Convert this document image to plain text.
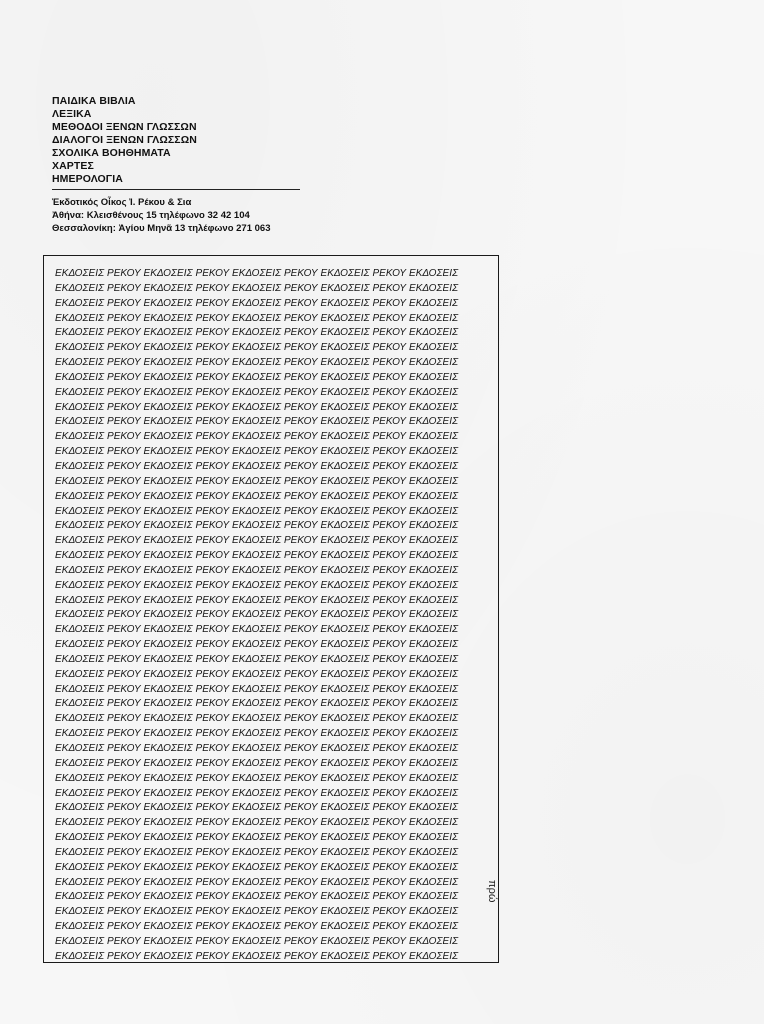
ΠΑΙΔΙΚΑ ΒΙΒΛΙΑ
ΛΕΞΙΚΑ
ΜΕΘΟΔΟΙ ΞΕΝΩΝ ΓΛΩΣΣΩΝ
ΔΙΑΛΟΓΟΙ ΞΕΝΩΝ ΓΛΩΣΣΩΝ
ΣΧΟΛΙΚΑ ΒΟΗΘΗΜΑΤΑ
ΧΑΡΤΕΣ
ΗΜΕΡΟΛΟΓΙΑ
Ἐκδοτικός Οἶκος Ἰ. Ρέκου & Σια
Ἀθήνα: Κλεισθένους 15 τηλέφωνο 32 42 104
Θεσσαλονίκη: Ἁγίου Μηνᾶ 13 τηλέφωνο 271 063
ΕΚΔΟΣΕΙΣ ΡΕΚΟΥ ΕΚΔΟΣΕΙΣ ΡΕΚΟΥ ΕΚΔΟΣΕΙΣ ΡΕΚΟΥ ΕΚΔΟΣΕΙΣ ΡΕΚΟΥ ΕΚΔΟΣΕΙΣ
ΕΚΔΟΣΕΙΣ ΡΕΚΟΥ ΕΚΔΟΣΕΙΣ ΡΕΚΟΥ ΕΚΔΟΣΕΙΣ ΡΕΚΟΥ ΕΚΔΟΣΕΙΣ ΡΕΚΟΥ ΕΚΔΟΣΕΙΣ
ΕΚΔΟΣΕΙΣ ΡΕΚΟΥ ΕΚΔΟΣΕΙΣ ΡΕΚΟΥ ΕΚΔΟΣΕΙΣ ΡΕΚΟΥ ΕΚΔΟΣΕΙΣ ΡΕΚΟΥ ΕΚΔΟΣΕΙΣ
ΕΚΔΟΣΕΙΣ ΡΕΚΟΥ ΕΚΔΟΣΕΙΣ ΡΕΚΟΥ ΕΚΔΟΣΕΙΣ ΡΕΚΟΥ ΕΚΔΟΣΕΙΣ ΡΕΚΟΥ ΕΚΔΟΣΕΙΣ
ΕΚΔΟΣΕΙΣ ΡΕΚΟΥ ΕΚΔΟΣΕΙΣ ΡΕΚΟΥ ΕΚΔΟΣΕΙΣ ΡΕΚΟΥ ΕΚΔΟΣΕΙΣ ΡΕΚΟΥ ΕΚΔΟΣΕΙΣ
ΕΚΔΟΣΕΙΣ ΡΕΚΟΥ ΕΚΔΟΣΕΙΣ ΡΕΚΟΥ ΕΚΔΟΣΕΙΣ ΡΕΚΟΥ ΕΚΔΟΣΕΙΣ ΡΕΚΟΥ ΕΚΔΟΣΕΙΣ
ΕΚΔΟΣΕΙΣ ΡΕΚΟΥ ΕΚΔΟΣΕΙΣ ΡΕΚΟΥ ΕΚΔΟΣΕΙΣ ΡΕΚΟΥ ΕΚΔΟΣΕΙΣ ΡΕΚΟΥ ΕΚΔΟΣΕΙΣ
ΕΚΔΟΣΕΙΣ ΡΕΚΟΥ ΕΚΔΟΣΕΙΣ ΡΕΚΟΥ ΕΚΔΟΣΕΙΣ ΡΕΚΟΥ ΕΚΔΟΣΕΙΣ ΡΕΚΟΥ ΕΚΔΟΣΕΙΣ
ΕΚΔΟΣΕΙΣ ΡΕΚΟΥ ΕΚΔΟΣΕΙΣ ΡΕΚΟΥ ΕΚΔΟΣΕΙΣ ΡΕΚΟΥ ΕΚΔΟΣΕΙΣ ΡΕΚΟΥ ΕΚΔΟΣΕΙΣ
ΕΚΔΟΣΕΙΣ ΡΕΚΟΥ ΕΚΔΟΣΕΙΣ ΡΕΚΟΥ ΕΚΔΟΣΕΙΣ ΡΕΚΟΥ ΕΚΔΟΣΕΙΣ ΡΕΚΟΥ ΕΚΔΟΣΕΙΣ
ΕΚΔΟΣΕΙΣ ΡΕΚΟΥ ΕΚΔΟΣΕΙΣ ΡΕΚΟΥ ΕΚΔΟΣΕΙΣ ΡΕΚΟΥ ΕΚΔΟΣΕΙΣ ΡΕΚΟΥ ΕΚΔΟΣΕΙΣ
ΕΚΔΟΣΕΙΣ ΡΕΚΟΥ ΕΚΔΟΣΕΙΣ ΡΕΚΟΥ ΕΚΔΟΣΕΙΣ ΡΕΚΟΥ ΕΚΔΟΣΕΙΣ ΡΕΚΟΥ ΕΚΔΟΣΕΙΣ
ΕΚΔΟΣΕΙΣ ΡΕΚΟΥ ΕΚΔΟΣΕΙΣ ΡΕΚΟΥ ΕΚΔΟΣΕΙΣ ΡΕΚΟΥ ΕΚΔΟΣΕΙΣ ΡΕΚΟΥ ΕΚΔΟΣΕΙΣ
ΕΚΔΟΣΕΙΣ ΡΕΚΟΥ ΕΚΔΟΣΕΙΣ ΡΕΚΟΥ ΕΚΔΟΣΕΙΣ ΡΕΚΟΥ ΕΚΔΟΣΕΙΣ ΡΕΚΟΥ ΕΚΔΟΣΕΙΣ
ΕΚΔΟΣΕΙΣ ΡΕΚΟΥ ΕΚΔΟΣΕΙΣ ΡΕΚΟΥ ΕΚΔΟΣΕΙΣ ΡΕΚΟΥ ΕΚΔΟΣΕΙΣ ΡΕΚΟΥ ΕΚΔΟΣΕΙΣ
ΕΚΔΟΣΕΙΣ ΡΕΚΟΥ ΕΚΔΟΣΕΙΣ ΡΕΚΟΥ ΕΚΔΟΣΕΙΣ ΡΕΚΟΥ ΕΚΔΟΣΕΙΣ ΡΕΚΟΥ ΕΚΔΟΣΕΙΣ
ΕΚΔΟΣΕΙΣ ΡΕΚΟΥ ΕΚΔΟΣΕΙΣ ΡΕΚΟΥ ΕΚΔΟΣΕΙΣ ΡΕΚΟΥ ΕΚΔΟΣΕΙΣ ΡΕΚΟΥ ΕΚΔΟΣΕΙΣ
ΕΚΔΟΣΕΙΣ ΡΕΚΟΥ ΕΚΔΟΣΕΙΣ ΡΕΚΟΥ ΕΚΔΟΣΕΙΣ ΡΕΚΟΥ ΕΚΔΟΣΕΙΣ ΡΕΚΟΥ ΕΚΔΟΣΕΙΣ
ΕΚΔΟΣΕΙΣ ΡΕΚΟΥ ΕΚΔΟΣΕΙΣ ΡΕΚΟΥ ΕΚΔΟΣΕΙΣ ΡΕΚΟΥ ΕΚΔΟΣΕΙΣ ΡΕΚΟΥ ΕΚΔΟΣΕΙΣ
ΕΚΔΟΣΕΙΣ ΡΕΚΟΥ ΕΚΔΟΣΕΙΣ ΡΕΚΟΥ ΕΚΔΟΣΕΙΣ ΡΕΚΟΥ ΕΚΔΟΣΕΙΣ ΡΕΚΟΥ ΕΚΔΟΣΕΙΣ
ΕΚΔΟΣΕΙΣ ΡΕΚΟΥ ΕΚΔΟΣΕΙΣ ΡΕΚΟΥ ΕΚΔΟΣΕΙΣ ΡΕΚΟΥ ΕΚΔΟΣΕΙΣ ΡΕΚΟΥ ΕΚΔΟΣΕΙΣ
ΕΚΔΟΣΕΙΣ ΡΕΚΟΥ ΕΚΔΟΣΕΙΣ ΡΕΚΟΥ ΕΚΔΟΣΕΙΣ ΡΕΚΟΥ ΕΚΔΟΣΕΙΣ ΡΕΚΟΥ ΕΚΔΟΣΕΙΣ
ΕΚΔΟΣΕΙΣ ΡΕΚΟΥ ΕΚΔΟΣΕΙΣ ΡΕΚΟΥ ΕΚΔΟΣΕΙΣ ΡΕΚΟΥ ΕΚΔΟΣΕΙΣ ΡΕΚΟΥ ΕΚΔΟΣΕΙΣ
ΕΚΔΟΣΕΙΣ ΡΕΚΟΥ ΕΚΔΟΣΕΙΣ ΡΕΚΟΥ ΕΚΔΟΣΕΙΣ ΡΕΚΟΥ ΕΚΔΟΣΕΙΣ ΡΕΚΟΥ ΕΚΔΟΣΕΙΣ
ΕΚΔΟΣΕΙΣ ΡΕΚΟΥ ΕΚΔΟΣΕΙΣ ΡΕΚΟΥ ΕΚΔΟΣΕΙΣ ΡΕΚΟΥ ΕΚΔΟΣΕΙΣ ΡΕΚΟΥ ΕΚΔΟΣΕΙΣ
ΕΚΔΟΣΕΙΣ ΡΕΚΟΥ ΕΚΔΟΣΕΙΣ ΡΕΚΟΥ ΕΚΔΟΣΕΙΣ ΡΕΚΟΥ ΕΚΔΟΣΕΙΣ ΡΕΚΟΥ ΕΚΔΟΣΕΙΣ
ΕΚΔΟΣΕΙΣ ΡΕΚΟΥ ΕΚΔΟΣΕΙΣ ΡΕΚΟΥ ΕΚΔΟΣΕΙΣ ΡΕΚΟΥ ΕΚΔΟΣΕΙΣ ΡΕΚΟΥ ΕΚΔΟΣΕΙΣ
ΕΚΔΟΣΕΙΣ ΡΕΚΟΥ ΕΚΔΟΣΕΙΣ ΡΕΚΟΥ ΕΚΔΟΣΕΙΣ ΡΕΚΟΥ ΕΚΔΟΣΕΙΣ ΡΕΚΟΥ ΕΚΔΟΣΕΙΣ
ΕΚΔΟΣΕΙΣ ΡΕΚΟΥ ΕΚΔΟΣΕΙΣ ΡΕΚΟΥ ΕΚΔΟΣΕΙΣ ΡΕΚΟΥ ΕΚΔΟΣΕΙΣ ΡΕΚΟΥ ΕΚΔΟΣΕΙΣ
ΕΚΔΟΣΕΙΣ ΡΕΚΟΥ ΕΚΔΟΣΕΙΣ ΡΕΚΟΥ ΕΚΔΟΣΕΙΣ ΡΕΚΟΥ ΕΚΔΟΣΕΙΣ ΡΕΚΟΥ ΕΚΔΟΣΕΙΣ
ΕΚΔΟΣΕΙΣ ΡΕΚΟΥ ΕΚΔΟΣΕΙΣ ΡΕΚΟΥ ΕΚΔΟΣΕΙΣ ΡΕΚΟΥ ΕΚΔΟΣΕΙΣ ΡΕΚΟΥ ΕΚΔΟΣΕΙΣ
ΕΚΔΟΣΕΙΣ ΡΕΚΟΥ ΕΚΔΟΣΕΙΣ ΡΕΚΟΥ ΕΚΔΟΣΕΙΣ ΡΕΚΟΥ ΕΚΔΟΣΕΙΣ ΡΕΚΟΥ ΕΚΔΟΣΕΙΣ
ΕΚΔΟΣΕΙΣ ΡΕΚΟΥ ΕΚΔΟΣΕΙΣ ΡΕΚΟΥ ΕΚΔΟΣΕΙΣ ΡΕΚΟΥ ΕΚΔΟΣΕΙΣ ΡΕΚΟΥ ΕΚΔΟΣΕΙΣ
ΕΚΔΟΣΕΙΣ ΡΕΚΟΥ ΕΚΔΟΣΕΙΣ ΡΕΚΟΥ ΕΚΔΟΣΕΙΣ ΡΕΚΟΥ ΕΚΔΟΣΕΙΣ ΡΕΚΟΥ ΕΚΔΟΣΕΙΣ
ΕΚΔΟΣΕΙΣ ΡΕΚΟΥ ΕΚΔΟΣΕΙΣ ΡΕΚΟΥ ΕΚΔΟΣΕΙΣ ΡΕΚΟΥ ΕΚΔΟΣΕΙΣ ΡΕΚΟΥ ΕΚΔΟΣΕΙΣ
ΕΚΔΟΣΕΙΣ ΡΕΚΟΥ ΕΚΔΟΣΕΙΣ ΡΕΚΟΥ ΕΚΔΟΣΕΙΣ ΡΕΚΟΥ ΕΚΔΟΣΕΙΣ ΡΕΚΟΥ ΕΚΔΟΣΕΙΣ
ΕΚΔΟΣΕΙΣ ΡΕΚΟΥ ΕΚΔΟΣΕΙΣ ΡΕΚΟΥ ΕΚΔΟΣΕΙΣ ΡΕΚΟΥ ΕΚΔΟΣΕΙΣ ΡΕΚΟΥ ΕΚΔΟΣΕΙΣ
ΕΚΔΟΣΕΙΣ ΡΕΚΟΥ ΕΚΔΟΣΕΙΣ ΡΕΚΟΥ ΕΚΔΟΣΕΙΣ ΡΕΚΟΥ ΕΚΔΟΣΕΙΣ ΡΕΚΟΥ ΕΚΔΟΣΕΙΣ
ΕΚΔΟΣΕΙΣ ΡΕΚΟΥ ΕΚΔΟΣΕΙΣ ΡΕΚΟΥ ΕΚΔΟΣΕΙΣ ΡΕΚΟΥ ΕΚΔΟΣΕΙΣ ΡΕΚΟΥ ΕΚΔΟΣΕΙΣ
ΕΚΔΟΣΕΙΣ ΡΕΚΟΥ ΕΚΔΟΣΕΙΣ ΡΕΚΟΥ ΕΚΔΟΣΕΙΣ ΡΕΚΟΥ ΕΚΔΟΣΕΙΣ ΡΕΚΟΥ ΕΚΔΟΣΕΙΣ
ΕΚΔΟΣΕΙΣ ΡΕΚΟΥ ΕΚΔΟΣΕΙΣ ΡΕΚΟΥ ΕΚΔΟΣΕΙΣ ΡΕΚΟΥ ΕΚΔΟΣΕΙΣ ΡΕΚΟΥ ΕΚΔΟΣΕΙΣ
ΕΚΔΟΣΕΙΣ ΡΕΚΟΥ ΕΚΔΟΣΕΙΣ ΡΕΚΟΥ ΕΚΔΟΣΕΙΣ ΡΕΚΟΥ ΕΚΔΟΣΕΙΣ ΡΕΚΟΥ ΕΚΔΟΣΕΙΣ
ΕΚΔΟΣΕΙΣ ΡΕΚΟΥ ΕΚΔΟΣΕΙΣ ΡΕΚΟΥ ΕΚΔΟΣΕΙΣ ΡΕΚΟΥ ΕΚΔΟΣΕΙΣ ΡΕΚΟΥ ΕΚΔΟΣΕΙΣ
ΕΚΔΟΣΕΙΣ ΡΕΚΟΥ ΕΚΔΟΣΕΙΣ ΡΕΚΟΥ ΕΚΔΟΣΕΙΣ ΡΕΚΟΥ ΕΚΔΟΣΕΙΣ ΡΕΚΟΥ ΕΚΔΟΣΕΙΣ
ΕΚΔΟΣΕΙΣ ΡΕΚΟΥ ΕΚΔΟΣΕΙΣ ΡΕΚΟΥ ΕΚΔΟΣΕΙΣ ΡΕΚΟΥ ΕΚΔΟΣΕΙΣ ΡΕΚΟΥ ΕΚΔΟΣΕΙΣ
ΕΚΔΟΣΕΙΣ ΡΕΚΟΥ ΕΚΔΟΣΕΙΣ ΡΕΚΟΥ ΕΚΔΟΣΕΙΣ ΡΕΚΟΥ ΕΚΔΟΣΕΙΣ ΡΕΚΟΥ ΕΚΔΟΣΕΙΣ
ΕΚΔΟΣΕΙΣ ΡΕΚΟΥ ΕΚΔΟΣΕΙΣ ΡΕΚΟΥ ΕΚΔΟΣΕΙΣ ΡΕΚΟΥ ΕΚΔΟΣΕΙΣ ΡΕΚΟΥ ΕΚΔΟΣΕΙΣ
πρώ
